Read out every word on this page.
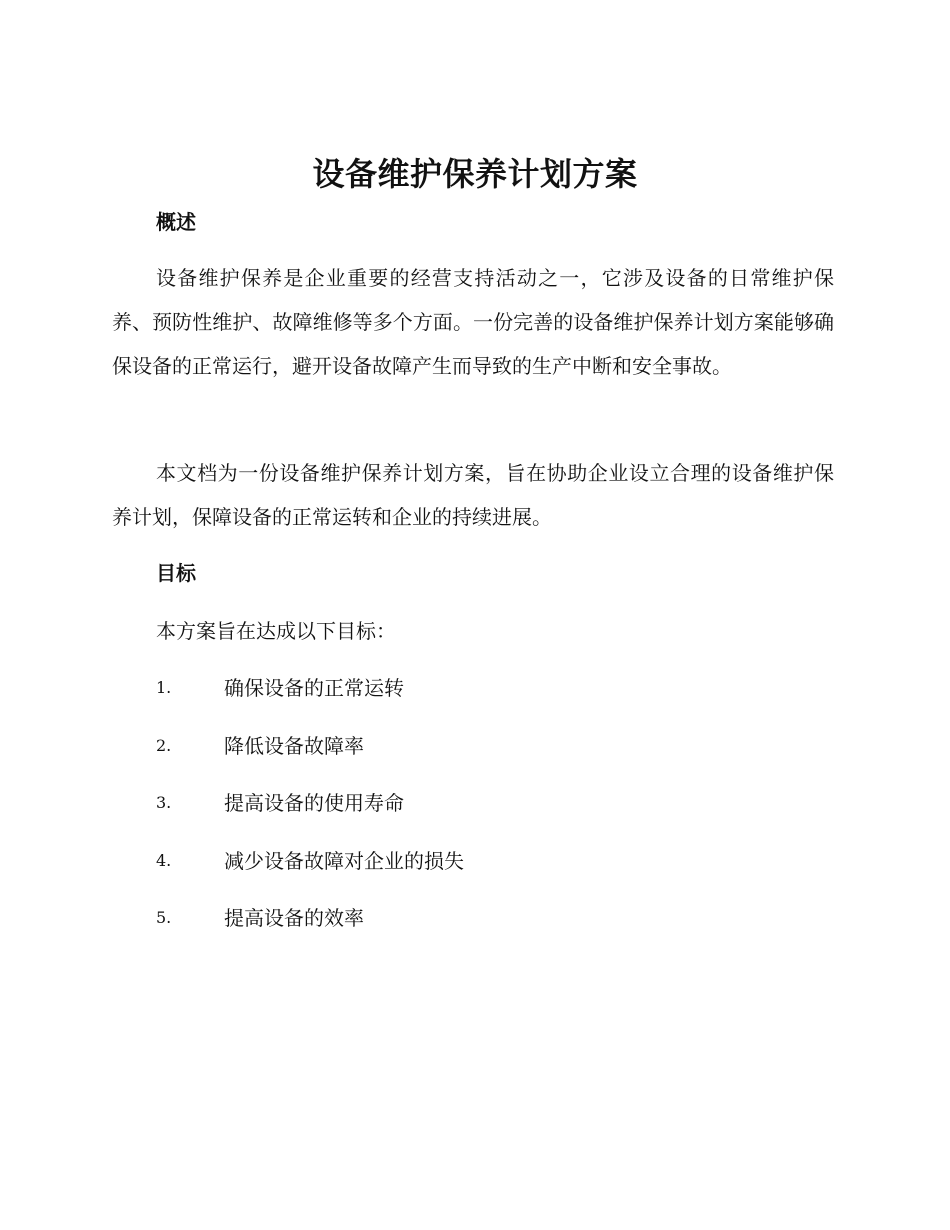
设备维护保养计划方案
概述

设备维护保养是企业重要的经营支持活动之一，它涉及设备的日常维护保养、预防性维护、故障维修等多个方面。一份完善的设备维护保养计划方案能够确保设备的正常运行，避开设备故障产生而导致的生产中断和安全事故。

本文档为一份设备维护保养计划方案，旨在协助企业设立合理的设备维护保养计划，保障设备的正常运转和企业的持续进展。

目标
本方案旨在达成以下目标：
1.	确保设备的正常运转
2.	降低设备故障率
3.	提高设备的使用寿命
4.	减少设备故障对企业的损失
5.	提高设备的效率
